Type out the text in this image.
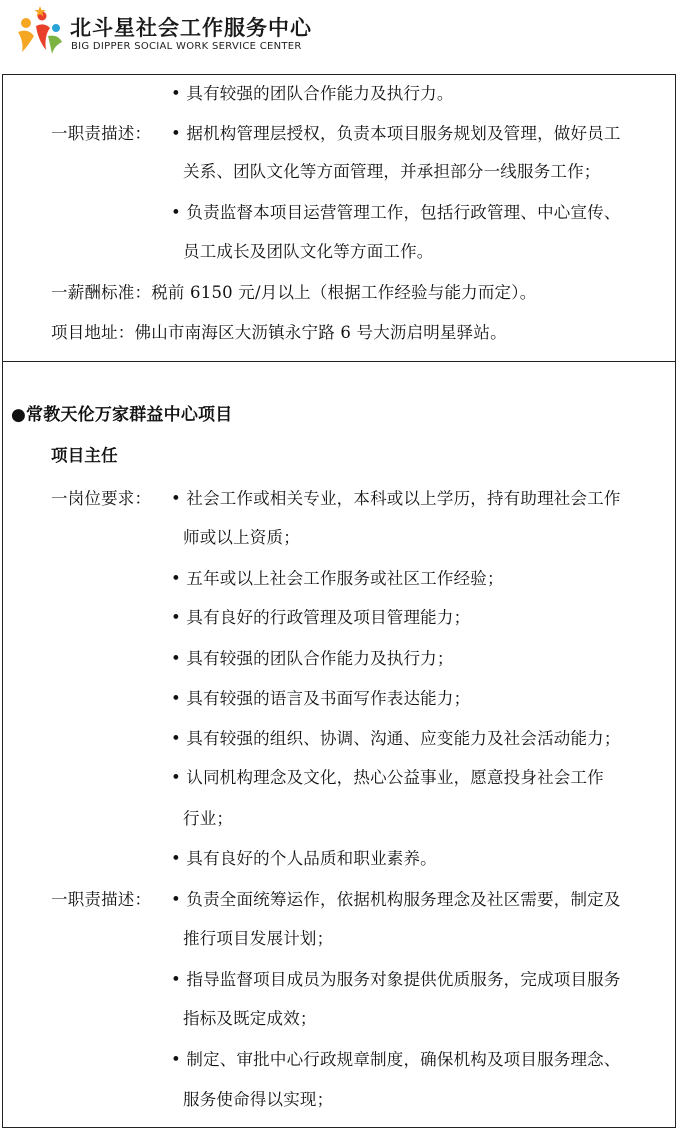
北斗星社会工作服务中心
BIG DIPPER SOCIAL WORK SERVICE CENTER
• 具有较强的团队合作能力及执行力。
一职责描述： • 据机构管理层授权，负责本项目服务规划及管理，做好员工
关系、团队文化等方面管理，并承担部分一线服务工作；
• 负责监督本项目运营管理工作，包括行政管理、中心宣传、
员工成长及团队文化等方面工作。
一薪酬标准：税前 6150 元/月以上（根据工作经验与能力而定）。
项目地址：佛山市南海区大沥镇永宁路 6 号大沥启明星驿站。
●常教天伦万家群益中心项目
项目主任
一岗位要求： • 社会工作或相关专业，本科或以上学历，持有助理社会工作
师或以上资质；
• 五年或以上社会工作服务或社区工作经验；
• 具有良好的行政管理及项目管理能力；
• 具有较强的团队合作能力及执行力；
• 具有较强的语言及书面写作表达能力；
• 具有较强的组织、协调、沟通、应变能力及社会活动能力；
• 认同机构理念及文化，热心公益事业，愿意投身社会工作
行业；
• 具有良好的个人品质和职业素养。
一职责描述： • 负责全面统筹运作，依据机构服务理念及社区需要，制定及
推行项目发展计划；
• 指导监督项目成员为服务对象提供优质服务，完成项目服务
指标及既定成效；
• 制定、审批中心行政规章制度，确保机构及项目服务理念、
服务使命得以实现；
